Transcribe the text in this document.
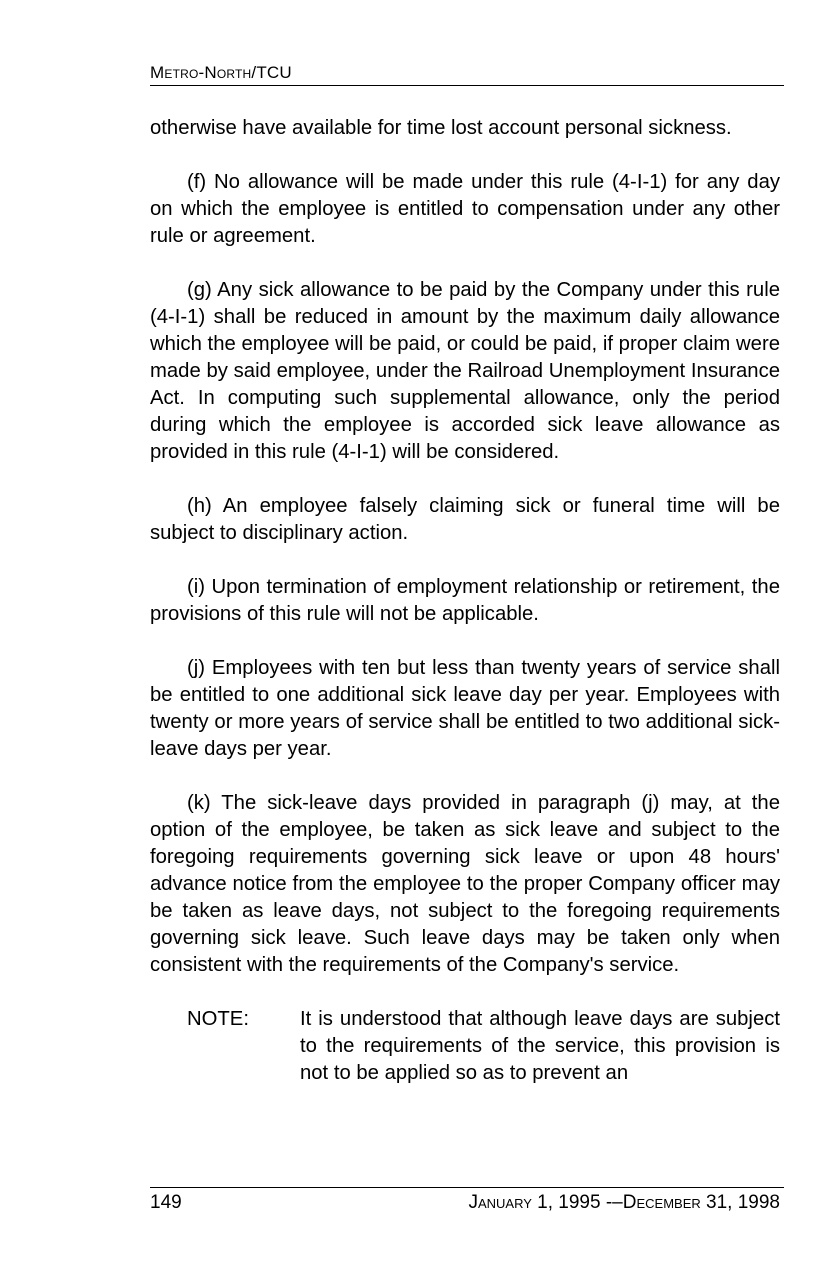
Metro-North/TCU

otherwise have available for time lost account personal sickness.

(f) No allowance will be made under this rule (4-I-1) for any day on which the employee is entitled to compensation under any other rule or agreement.

(g) Any sick allowance to be paid by the Company under this rule (4-I-1) shall be reduced in amount by the maximum daily allowance which the employee will be paid, or could be paid, if proper claim were made by said employee, under the Railroad Unemployment Insurance Act. In computing such supplemental allowance, only the period during which the employee is accorded sick leave allowance as provided in this rule (4-I-1) will be considered.

(h) An employee falsely claiming sick or funeral time will be subject to disciplinary action.

(i) Upon termination of employment relationship or retirement, the provisions of this rule will not be applicable.

(j) Employees with ten but less than twenty years of service shall be entitled to one additional sick leave day per year. Employees with twenty or more years of service shall be entitled to two additional sick-leave days per year.

(k) The sick-leave days provided in paragraph (j) may, at the option of the employee, be taken as sick leave and subject to the foregoing requirements governing sick leave or upon 48 hours' advance notice from the employee to the proper Company officer may be taken as leave days, not subject to the foregoing requirements governing sick leave. Such leave days may be taken only when consistent with the requirements of the Company's service.

NOTE:	It is understood that although leave days are subject to the requirements of the service, this provision is not to be applied so as to prevent an
149	January 1, 1995 -–December 31, 1998
